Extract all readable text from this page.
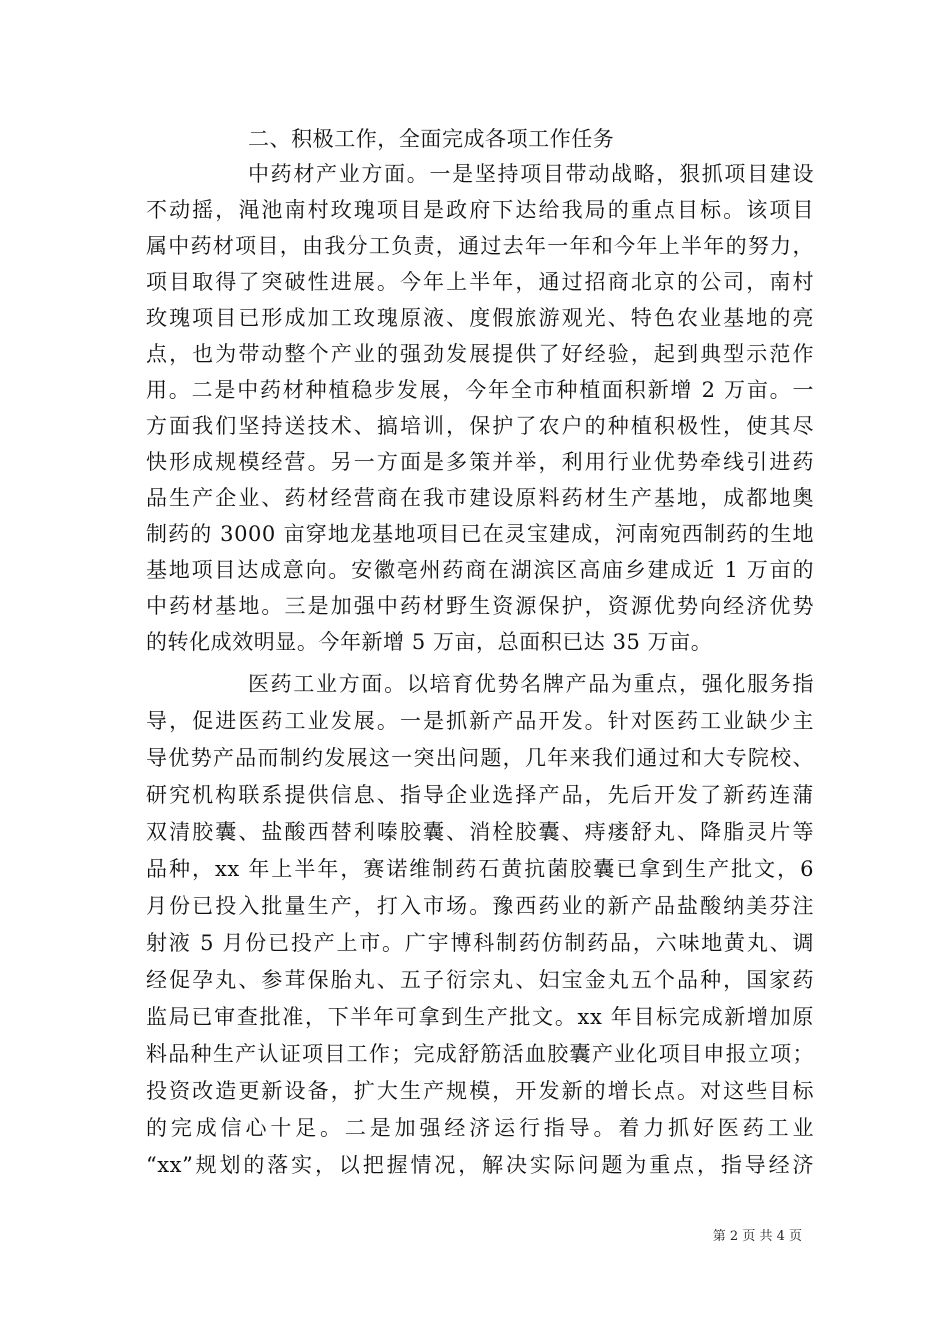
二、积极工作，全面完成各项工作任务
中药材产业方面。一是坚持项目带动战略，狠抓项目建设
不动摇，渑池南村玫瑰项目是政府下达给我局的重点目标。该项目
属中药材项目，由我分工负责，通过去年一年和今年上半年的努力，
项目取得了突破性进展。今年上半年，通过招商北京的公司，南村
玫瑰项目已形成加工玫瑰原液、度假旅游观光、特色农业基地的亮
点，也为带动整个产业的强劲发展提供了好经验，起到典型示范作
用。二是中药材种植稳步发展，今年全市种植面积新增 2 万亩。一
方面我们坚持送技术、搞培训，保护了农户的种植积极性，使其尽
快形成规模经营。另一方面是多策并举，利用行业优势牵线引进药
品生产企业、药材经营商在我市建设原料药材生产基地，成都地奥
制药的 3000 亩穿地龙基地项目已在灵宝建成，河南宛西制药的生地
基地项目达成意向。安徽亳州药商在湖滨区高庙乡建成近 1 万亩的
中药材基地。三是加强中药材野生资源保护，资源优势向经济优势
的转化成效明显。今年新增 5 万亩，总面积已达 35 万亩。
医药工业方面。以培育优势名牌产品为重点，强化服务指
导，促进医药工业发展。一是抓新产品开发。针对医药工业缺少主
导优势产品而制约发展这一突出问题，几年来我们通过和大专院校、
研究机构联系提供信息、指导企业选择产品，先后开发了新药连蒲
双清胶囊、盐酸西替利嗪胶囊、消栓胶囊、痔瘘舒丸、降脂灵片等
品种，xx 年上半年，赛诺维制药石黄抗菌胶囊已拿到生产批文，6
月份已投入批量生产，打入市场。豫西药业的新产品盐酸纳美芬注
射液 5 月份已投产上市。广宇博科制药仿制药品，六味地黄丸、调
经促孕丸、参茸保胎丸、五子衍宗丸、妇宝金丸五个品种，国家药
监局已审查批准，下半年可拿到生产批文。xx 年目标完成新增加原
料品种生产认证项目工作；完成舒筋活血胶囊产业化项目申报立项；
投资改造更新设备，扩大生产规模，开发新的增长点。对这些目标
的完成信心十足。二是加强经济运行指导。着力抓好医药工业
“xx”规划的落实，以把握情况，解决实际问题为重点，指导经济
第 2 页 共 4 页
